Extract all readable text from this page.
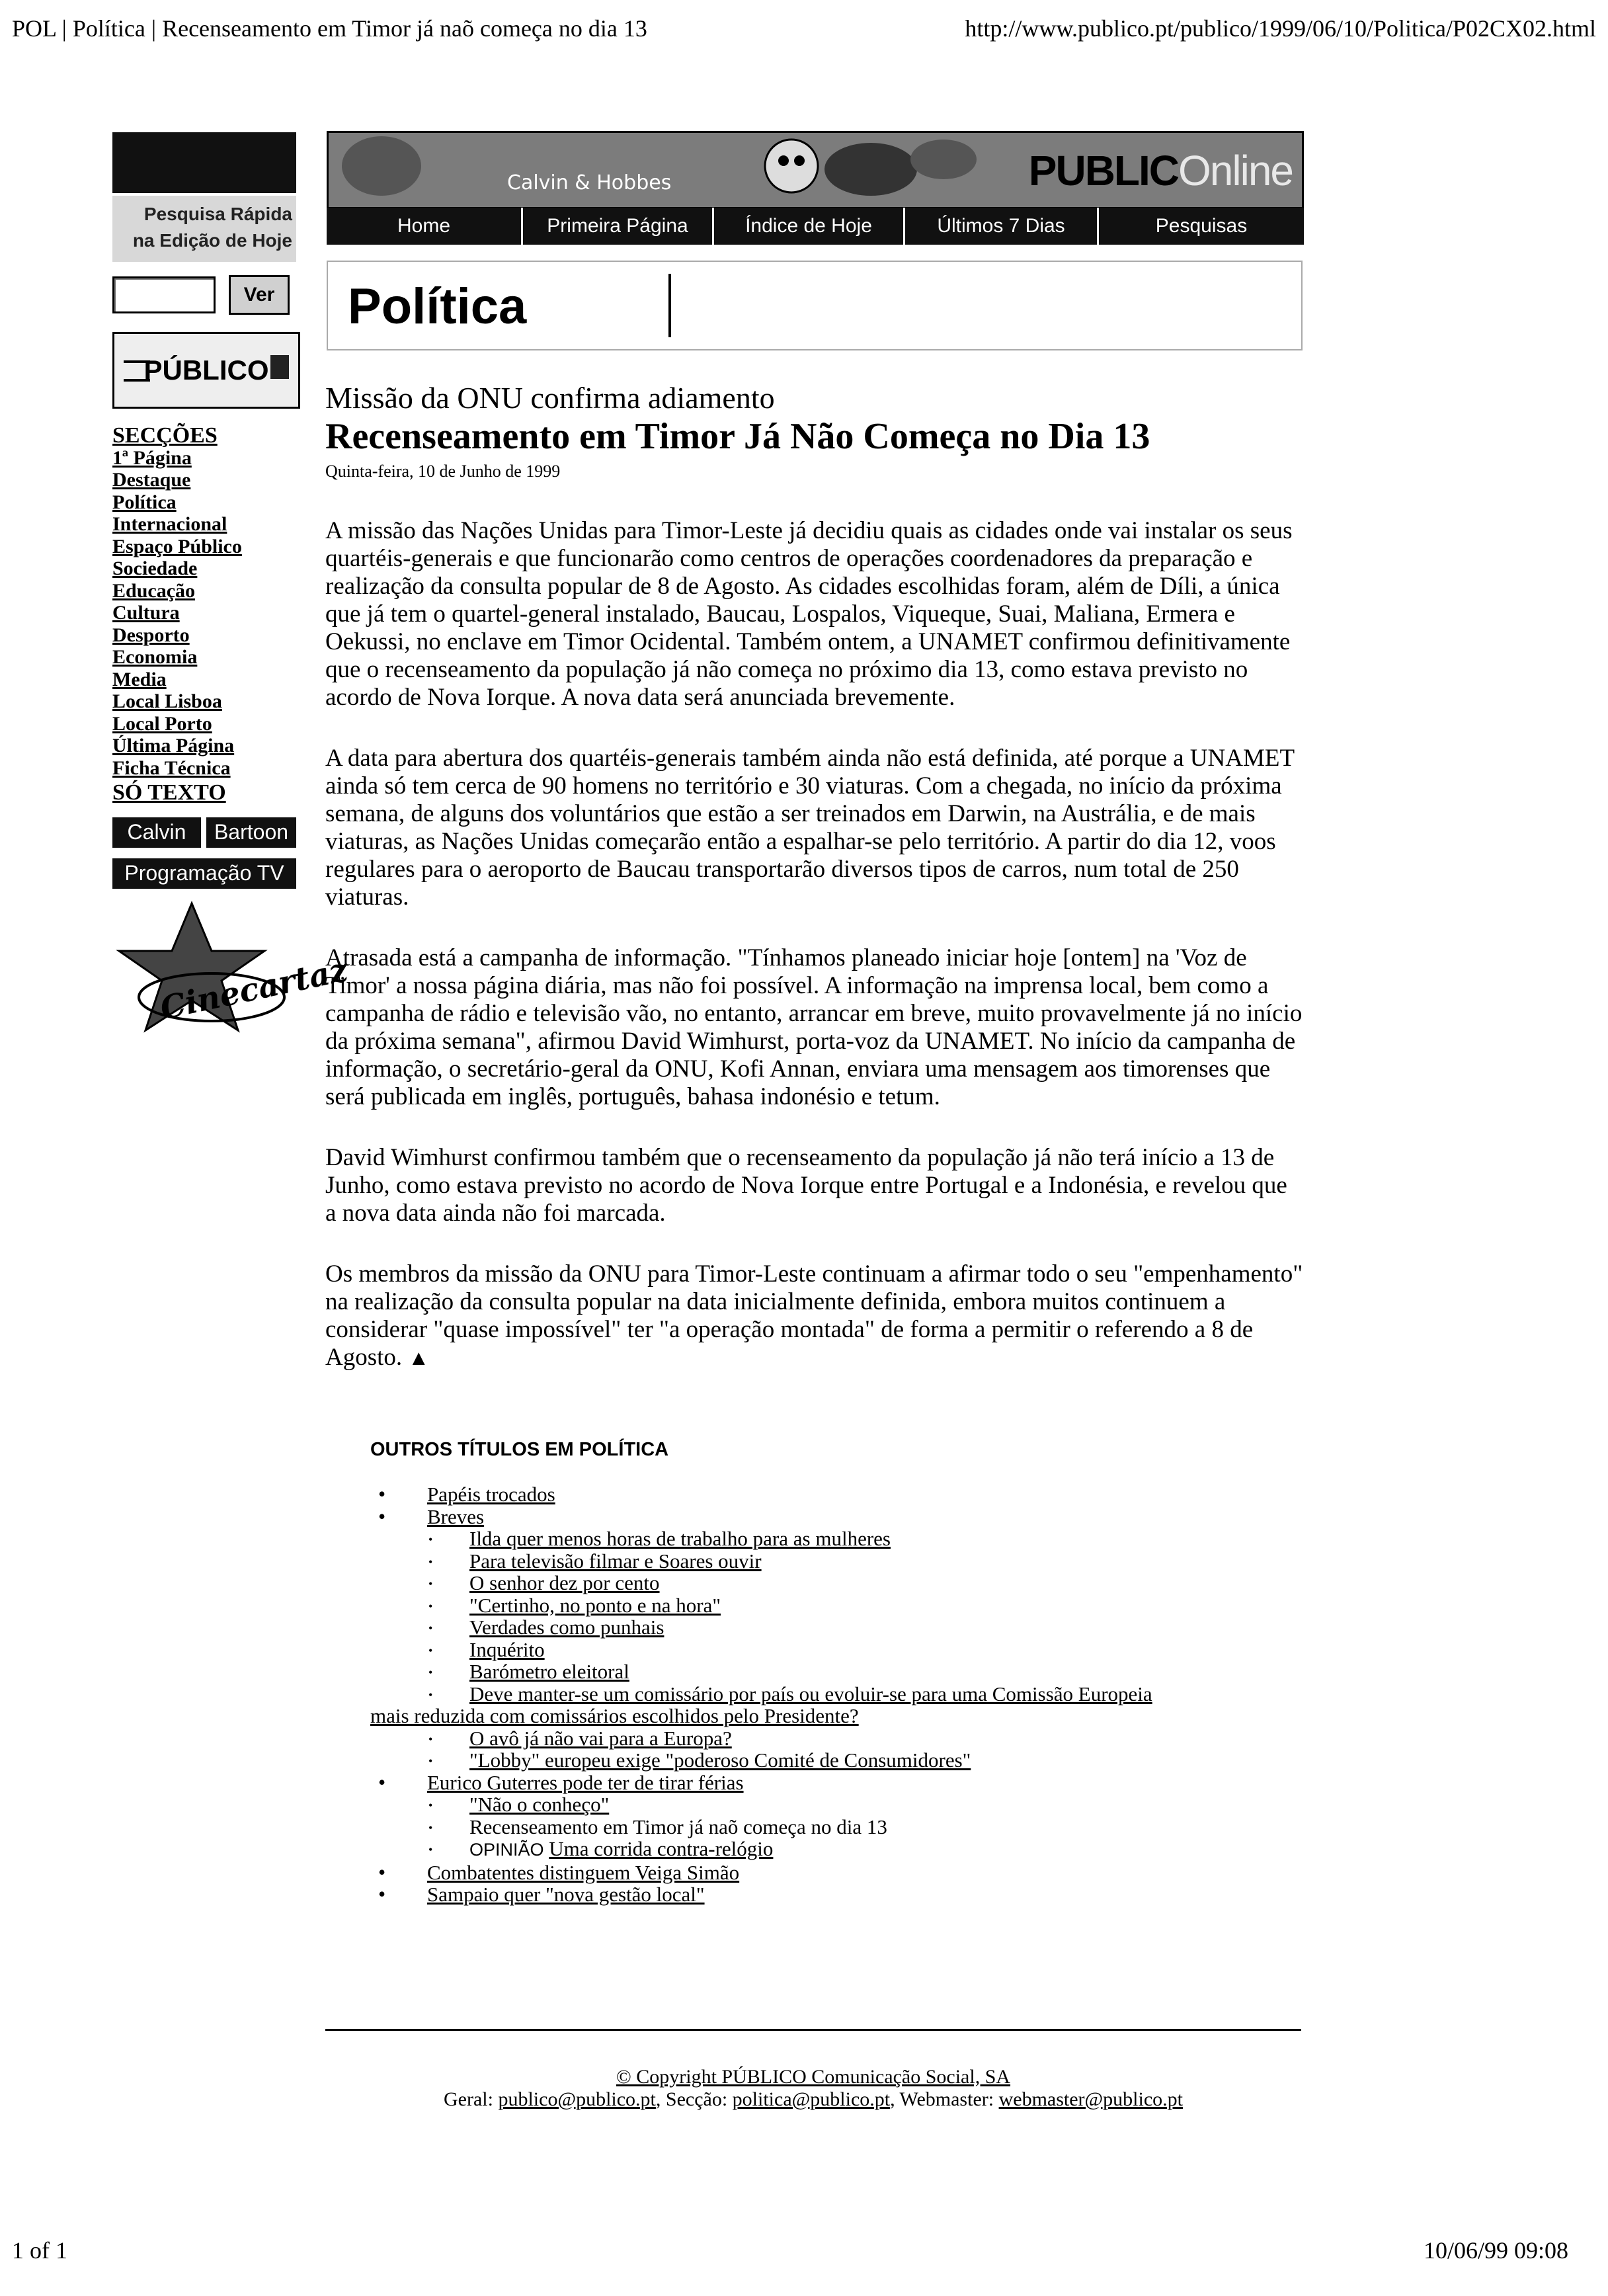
POL | Política | Recenseamento em Timor já naõ começa no dia 13	http://www.publico.pt/publico/1999/06/10/Politica/P02CX02.html
Pesquisa Rápida
na Edição de Hoje
Ver
PÚBLICO
SECÇÕES
1ª Página
Destaque
Política
Internacional
Espaço Público
Sociedade
Educação
Cultura
Desporto
Economia
Media
Local Lisboa
Local Porto
Última Página
Ficha Técnica
SÓ TEXTO
Calvin	Bartoon
Programação TV
Cinecartaz
Calvin & Hobbes	PUBLICOnline
Home	Primeira Página	Índice de Hoje	Últimos 7 Dias	Pesquisas
Política
Missão da ONU confirma adiamento
Recenseamento em Timor Já Não Começa no Dia 13
Quinta-feira, 10 de Junho de 1999

A missão das Nações Unidas para Timor-Leste já decidiu quais as cidades onde vai instalar os seus quartéis-generais e que funcionarão como centros de operações coordenadores da preparação e realização da consulta popular de 8 de Agosto. As cidades escolhidas foram, além de Díli, a única que já tem o quartel-general instalado, Baucau, Lospalos, Viqueque, Suai, Maliana, Ermera e Oekussi, no enclave em Timor Ocidental. Também ontem, a UNAMET confirmou definitivamente que o recenseamento da população já não começa no próximo dia 13, como estava previsto no acordo de Nova Iorque. A nova data será anunciada brevemente.

A data para abertura dos quartéis-generais também ainda não está definida, até porque a UNAMET ainda só tem cerca de 90 homens no território e 30 viaturas. Com a chegada, no início da próxima semana, de alguns dos voluntários que estão a ser treinados em Darwin, na Austrália, e de mais viaturas, as Nações Unidas começarão então a espalhar-se pelo território. A partir do dia 12, voos regulares para o aeroporto de Baucau transportarão diversos tipos de carros, num total de 250 viaturas.

Atrasada está a campanha de informação. "Tínhamos planeado iniciar hoje [ontem] na 'Voz de Timor' a nossa página diária, mas não foi possível. A informação na imprensa local, bem como a campanha de rádio e televisão vão, no entanto, arrancar em breve, muito provavelmente já no início da próxima semana", afirmou David Wimhurst, porta-voz da UNAMET. No início da campanha de informação, o secretário-geral da ONU, Kofi Annan, enviara uma mensagem aos timorenses que será publicada em inglês, português, bahasa indonésio e tetum.

David Wimhurst confirmou também que o recenseamento da população já não terá início a 13 de Junho, como estava previsto no acordo de Nova Iorque entre Portugal e a Indonésia, e revelou que a nova data ainda não foi marcada.

Os membros da missão da ONU para Timor-Leste continuam a afirmar todo o seu "empenhamento" na realização da consulta popular na data inicialmente definida, embora muitos continuem a considerar "quase impossível" ter "a operação montada" de forma a permitir o referendo a 8 de Agosto. ▲

OUTROS TÍTULOS EM POLÍTICA
• Papéis trocados
• Breves
• Ilda quer menos horas de trabalho para as mulheres
• Para televisão filmar e Soares ouvir
• O senhor dez por cento
• "Certinho, no ponto e na hora"
• Verdades como punhais
• Inquérito
• Barómetro eleitoral
• Deve manter-se um comissário por país ou evoluir-se para uma Comissão Europeia
mais reduzida com comissários escolhidos pelo Presidente?
• O avô já não vai para a Europa?
• "Lobby" europeu exige "poderoso Comité de Consumidores"
• Eurico Guterres pode ter de tirar férias
• "Não o conheço"
• Recenseamento em Timor já naõ começa no dia 13
• OPINIÃO Uma corrida contra-relógio
• Combatentes distinguem Veiga Simão
• Sampaio quer "nova gestão local"
© Copyright PÚBLICO Comunicação Social, SA
Geral: publico@publico.pt, Secção: politica@publico.pt, Webmaster: webmaster@publico.pt
1 of 1	10/06/99 09:08
